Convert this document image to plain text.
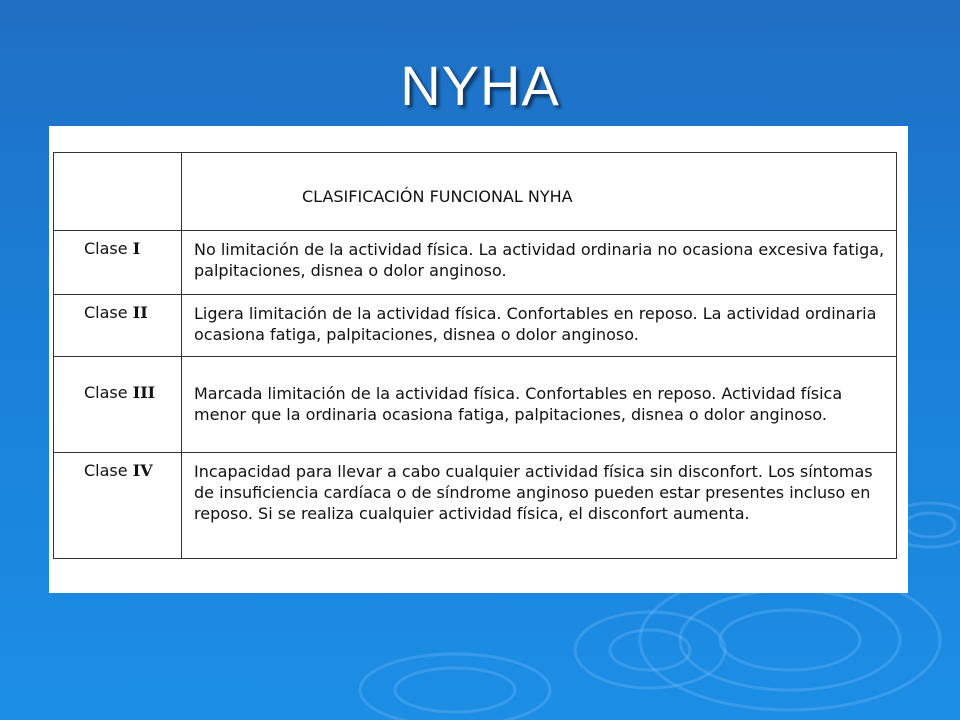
NYHA
	CLASIFICACIÓN FUNCIONAL NYHA
Clase I	No limitación de la actividad física. La actividad ordinaria no ocasiona excesiva fatiga, palpitaciones, disnea o dolor anginoso.
Clase II	Ligera limitación de la actividad física. Confortables en reposo. La actividad ordinaria ocasiona fatiga, palpitaciones, disnea o dolor anginoso.
Clase III	Marcada limitación de la actividad física. Confortables en reposo. Actividad física menor que la ordinaria ocasiona fatiga, palpitaciones, disnea o dolor anginoso.
Clase IV	Incapacidad para llevar a cabo cualquier actividad física sin disconfort. Los síntomas de insuficiencia cardíaca o de síndrome anginoso pueden estar presentes incluso en reposo. Si se realiza cualquier actividad física, el disconfort aumenta.
